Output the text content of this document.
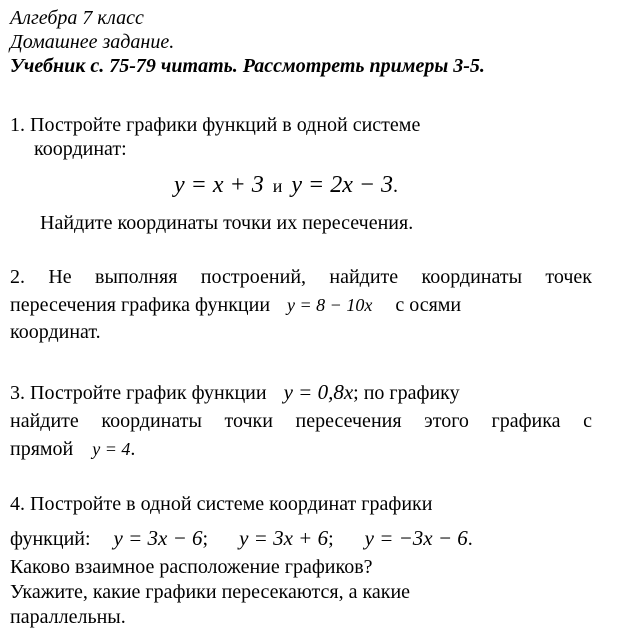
Алгебра 7 класс
Домашнее задание.
Учебник с. 75-79 читать. Рассмотреть примеры 3-5.
1. Постройте графики функций в одной системе
координат:
y = x + 3 и y = 2x − 3.
Найдите координаты точки их пересечения.
2. Не выполняя построений, найдите координаты точек
пересечения графика функции y = 8 − 10x с осями
координат.
3. Постройте график функции y = 0,8x; по графику
найдите координаты точки пересечения этого графика с
прямой y = 4.
4. Постройте в одной системе координат графики
функций: y = 3x − 6; y = 3x + 6; y = −3x − 6.
Каково взаимное расположение графиков?
Укажите, какие графики пересекаются, а какие
параллельны.
